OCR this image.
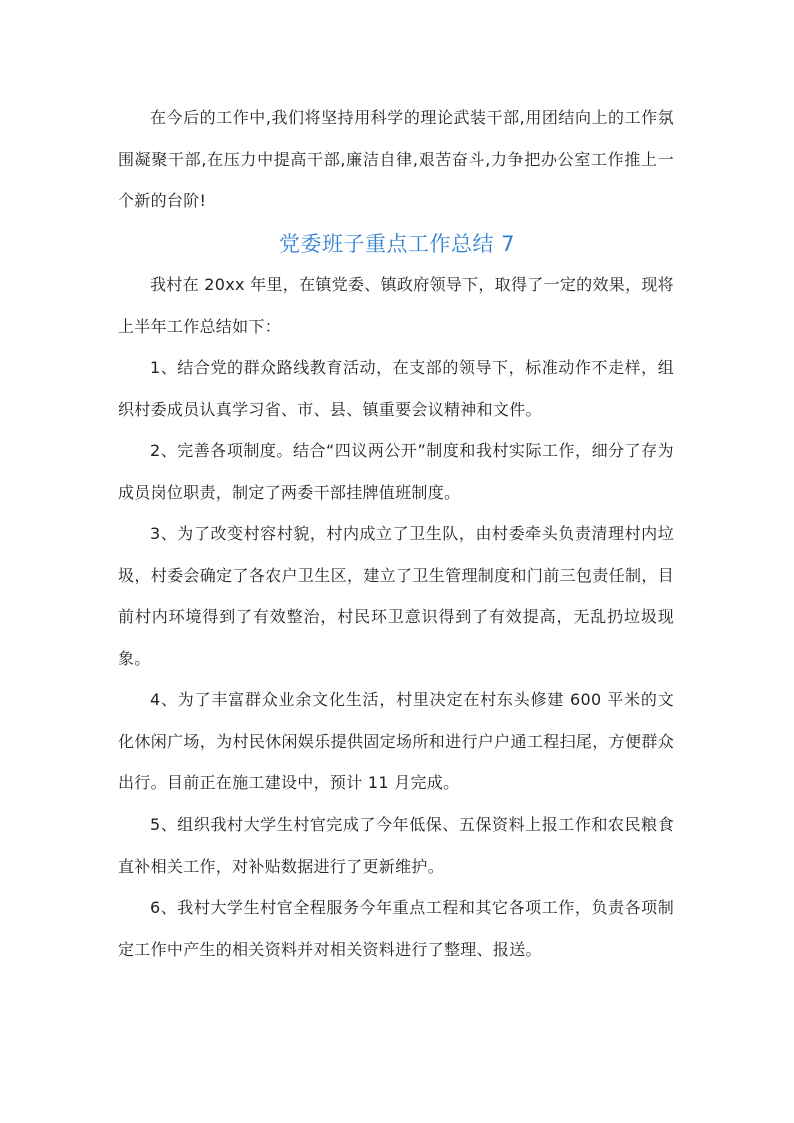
在今后的工作中,我们将坚持用科学的理论武装干部,用团结向上的工作氛围凝聚干部,在压力中提高干部,廉洁自律,艰苦奋斗,力争把办公室工作推上一个新的台阶!

党委班子重点工作总结 7

我村在 20xx 年里，在镇党委、镇政府领导下，取得了一定的效果，现将上半年工作总结如下：

1、结合党的群众路线教育活动，在支部的领导下，标准动作不走样，组织村委成员认真学习省、市、县、镇重要会议精神和文件。

2、完善各项制度。结合“四议两公开”制度和我村实际工作，细分了存为成员岗位职责，制定了两委干部挂牌值班制度。

3、为了改变村容村貌，村内成立了卫生队，由村委牵头负责清理村内垃圾，村委会确定了各农户卫生区，建立了卫生管理制度和门前三包责任制，目前村内环境得到了有效整治，村民环卫意识得到了有效提高，无乱扔垃圾现象。

4、为了丰富群众业余文化生活，村里决定在村东头修建 600 平米的文化休闲广场，为村民休闲娱乐提供固定场所和进行户户通工程扫尾，方便群众出行。目前正在施工建设中，预计 11 月完成。

5、组织我村大学生村官完成了今年低保、五保资料上报工作和农民粮食直补相关工作，对补贴数据进行了更新维护。

6、我村大学生村官全程服务今年重点工程和其它各项工作，负责各项制定工作中产生的相关资料并对相关资料进行了整理、报送。
